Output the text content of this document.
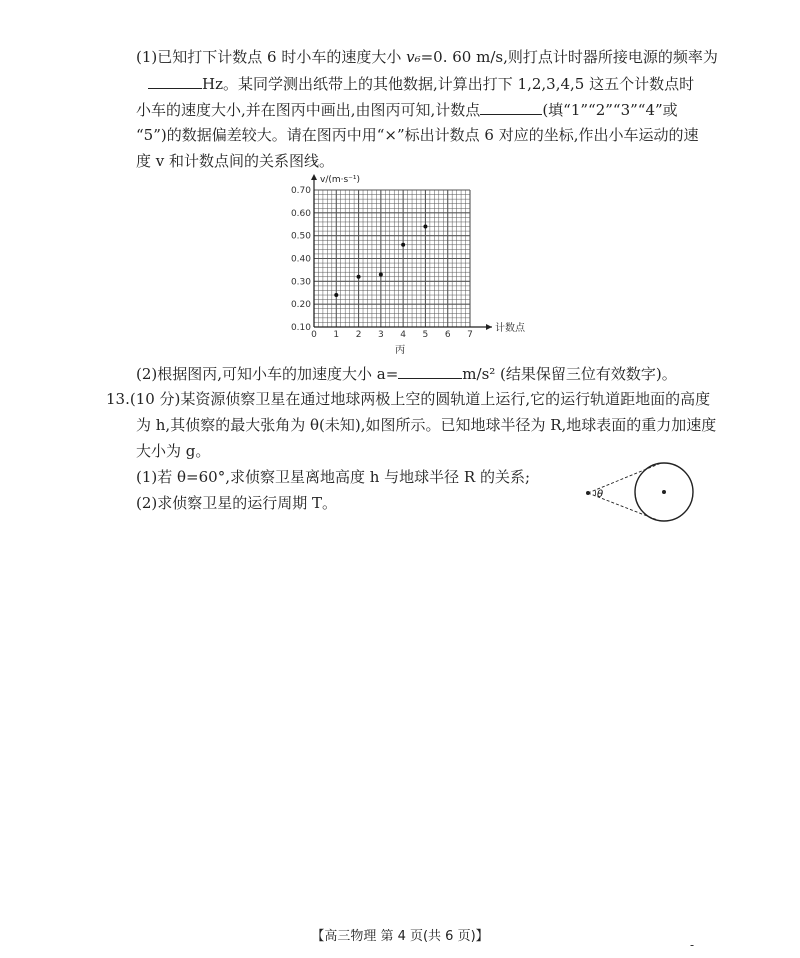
(1)已知打下计数点 6 时小车的速度大小 v₆=0. 60 m/s,则打点计时器所接电源的频率为
Hz。某同学测出纸带上的其他数据,计算出打下 1,2,3,4,5 这五个计数点时
小车的速度大小,并在图丙中画出,由图丙可知,计数点	(填“1”“2”“3”“4”或
“5”)的数据偏差较大。请在图丙中用“×”标出计数点 6 对应的坐标,作出小车运动的速
度 v 和计数点间的关系图线。
0.10
0.20
0.30
0.40
0.50
0.60
0.70
0 1 2 3 4 5 6 7
v/(m·s⁻¹)
计数点
丙
(2)根据图丙,可知小车的加速度大小 a=	m/s² (结果保留三位有效数字)。
13.(10 分)某资源侦察卫星在通过地球两极上空的圆轨道上运行,它的运行轨道距地面的高度
为 h,其侦察的最大张角为 θ(未知),如图所示。已知地球半径为 R,地球表面的重力加速度
大小为 g。
(1)若 θ=60°,求侦察卫星离地高度 h 与地球半径 R 的关系;
(2)求侦察卫星的运行周期 T。	θ
【高三物理 第 4 页(共 6 页)】
-
